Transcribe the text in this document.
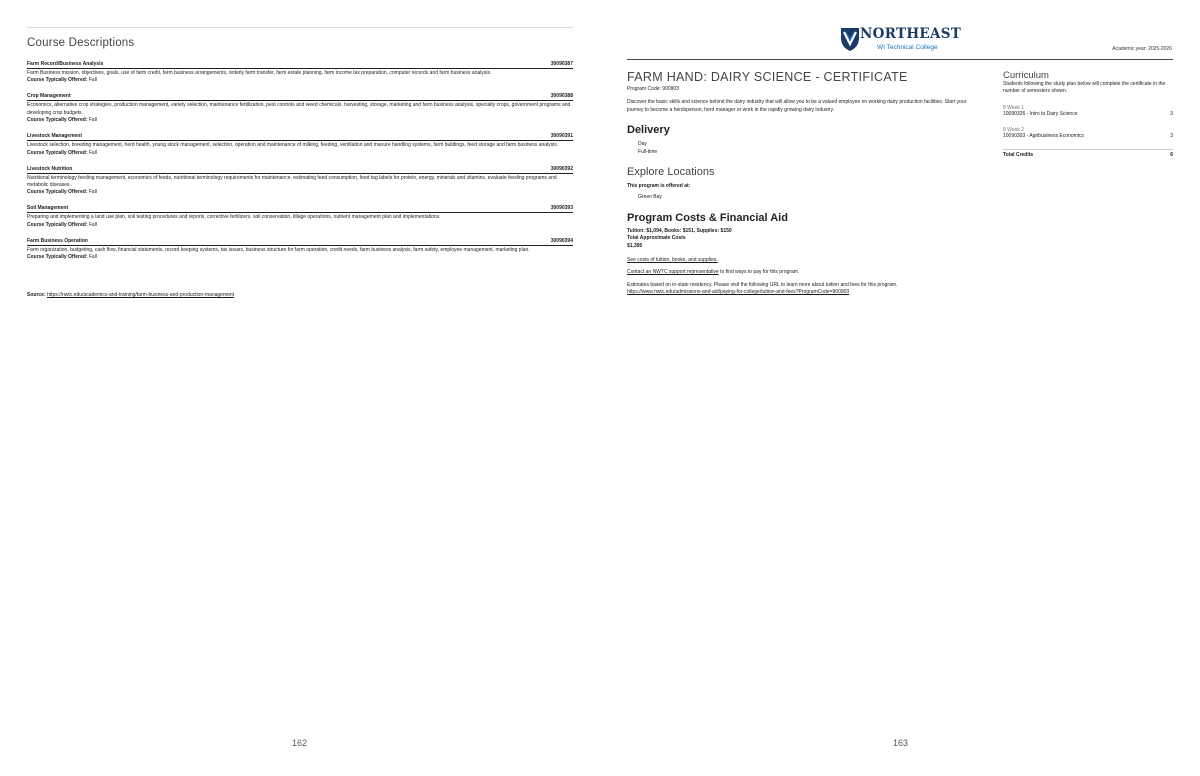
Course Descriptions
Farm Record/Business Analysis	30090387
Farm Business mission, objectives, goals, use of farm credit, farm business arrangements, orderly farm transfer, farm estate planning, farm income tax preparation, computer records and farm business analysis.
Course Typically Offered: Fall
Crop Management	30090388
Economics, alternative crop strategies, production management, variety selection, maintenance fertilization, pest controls and weed chemicals, harvesting, storage, marketing and farm business analysis, specialty crops, government programs and developing crop budgets.
Course Typically Offered: Fall
Livestock Management	30090391
Livestock selection, breeding management, herd health, young stock management, selection, operation and maintenance of milking, feeding, ventilation and manure handling systems, farm buildings, feed storage and farm business analysis.
Course Typically Offered: Fall
Livestock Nutrition	30090392
Nutritional terminology feeding management, economics of feeds, nutritional terminology requirements for maintenance, estimating feed consumption, feed tag labels for protein, energy, minerals and vitamins, evaluate feeding programs and metabolic diseases.
Course Typically Offered: Fall
Soil Management	30090393
Preparing and implementing a land use plan, soil testing procedures and reports, corrective fertilizers. soil conservation, tillage operations, nutrient management plan and implementations.
Course Typically Offered: Fall
Farm Business Operation	30090394
Farm organization, budgeting, cash flow, financial statements, record keeping systems, tax issues, business structure for farm operation, credit needs, farm business analysis, farm safety, employee management, marketing plan.
Course Typically Offered: Fall
Source: https://nwtc.edu/academics-and-training/farm-business-and-production-management
162
NORTHEAST
WI Technical College	Academic year: 2025-2026
FARM HAND: DAIRY SCIENCE - CERTIFICATE
Program Code: 900903
Discover the basic skills and science behind the dairy industry that will allow you to be a valued employee on working dairy production facilities. Start your journey to become a herdsperson, herd manager or work in the rapidly growing dairy industry.
Delivery
Day
Full-time
Explore Locations
This program is offered at:
Green Bay
Program Costs & Financial Aid
Tuition: $1,094, Books: $151, Supplies: $150
Total Approximate Costs
$1,395
See costs of tuition, books, and supplies.
Contact an NWTC support representative to find ways to pay for this program.
Estimates based on in-state residency. Please visit the following URL to learn more about tuition and fees for this program.
https://www.nwtc.edu/admissions-and-aid/paying-for-college/tuition-and-fees?ProgramCode=900903
Curriculum
Students following the study plan below will complete the certificate in the number of semesters shown.
8 Week 1
10090326 - Intro to Dairy Science	3
8 Week 2
10090303 - Agribusiness Economics	3
Total Credits	6
163
